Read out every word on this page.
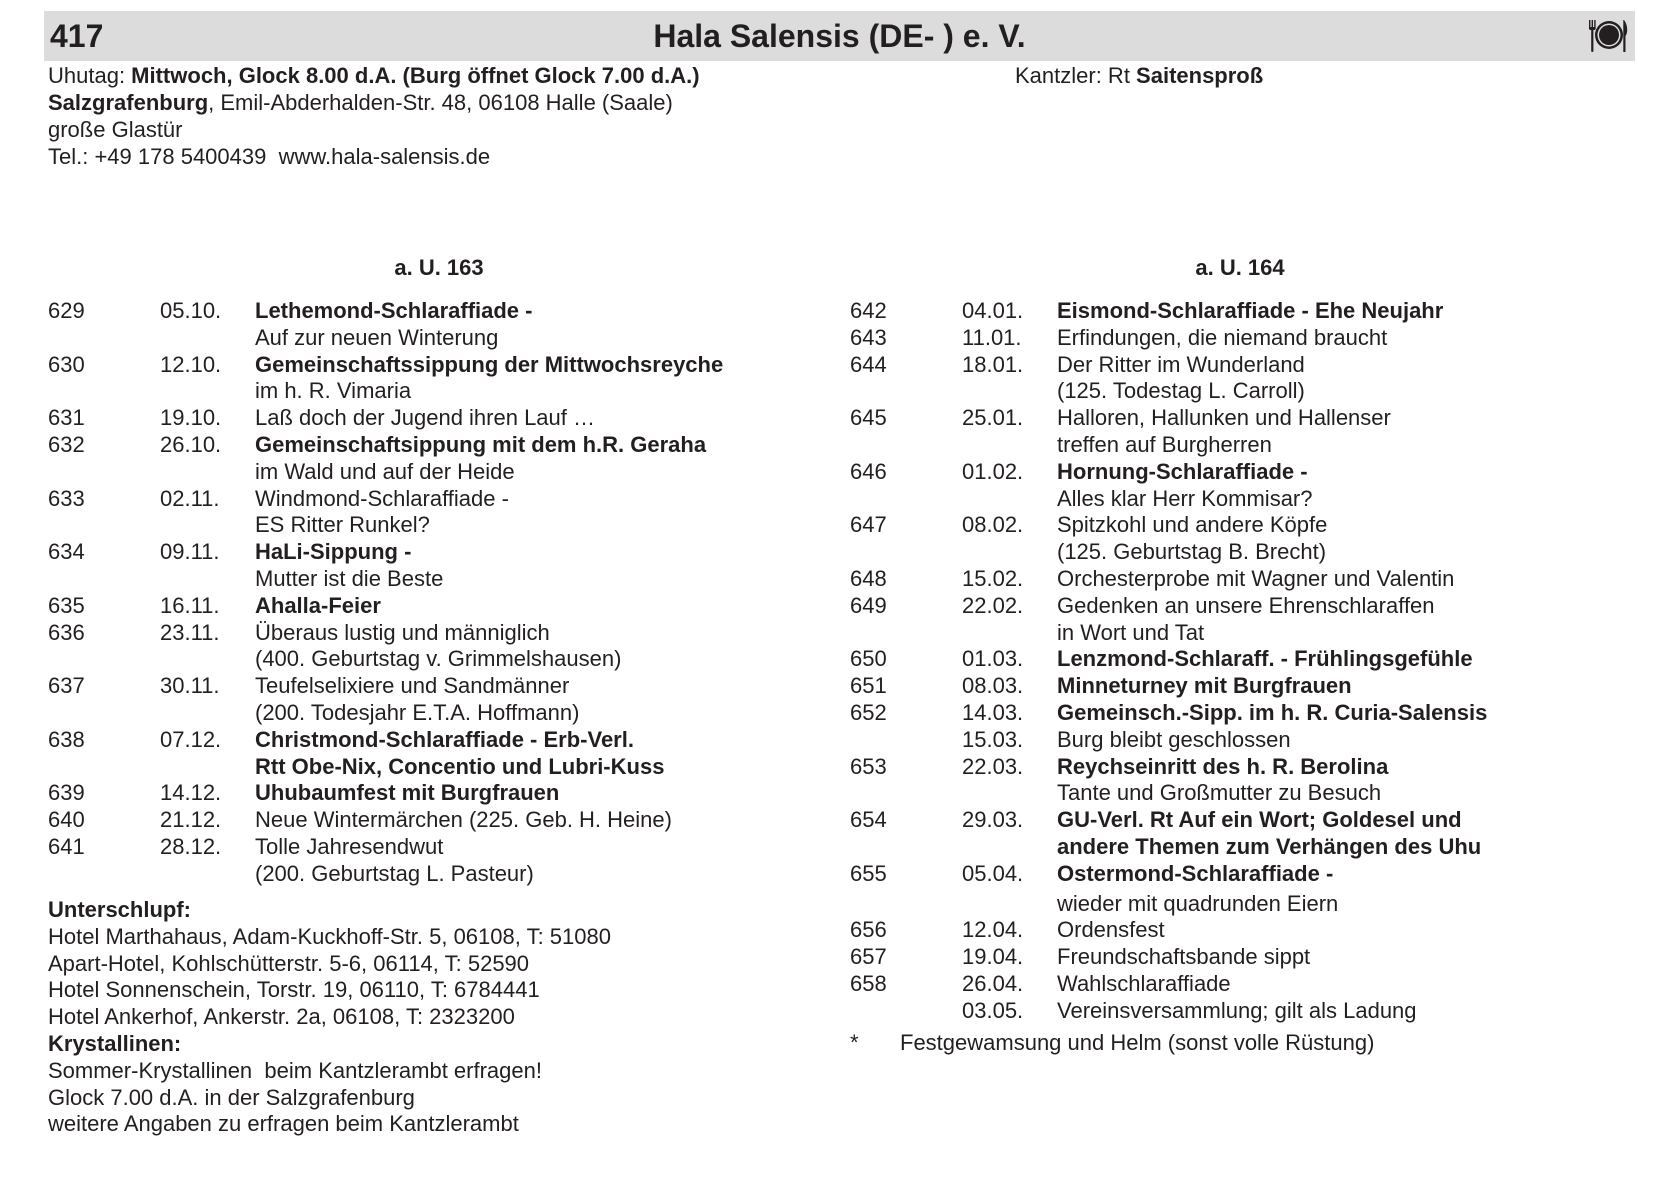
417	Hala Salensis (DE- ) e. V.
Uhutag: Mittwoch, Glock 8.00 d.A. (Burg öffnet Glock 7.00 d.A.)
Salzgrafenburg, Emil-Abderhalden-Str. 48, 06108 Halle (Saale)
große Glastür
Tel.: +49 178 5400439  www.hala-salensis.de
Kantzler: Rt Saitensproß
a. U. 163	a. U. 164
629	05.10.	Lethemond-Schlaraffiade -
Auf zur neuen Winterung
630	12.10.	Gemeinschaftssippung der Mittwochsreyche
im h. R. Vimaria
631	19.10.	Laß doch der Jugend ihren Lauf …
632	26.10.	Gemeinschaftsippung mit dem h.R. Geraha
im Wald und auf der Heide
633	02.11.	Windmond-Schlaraffiade -
ES Ritter Runkel?
634	09.11.	HaLi-Sippung -
Mutter ist die Beste
635	16.11.	Ahalla-Feier
636	23.11.	Überaus lustig und männiglich
(400. Geburtstag v. Grimmelshausen)
637	30.11.	Teufelselixiere und Sandmänner
(200. Todesjahr E.T.A. Hoffmann)
638	07.12.	Christmond-Schlaraffiade - Erb-Verl.
Rtt Obe-Nix, Concentio und Lubri-Kuss
639	14.12.	Uhubaumfest mit Burgfrauen
640	21.12.	Neue Wintermärchen (225. Geb. H. Heine)
641	28.12.	Tolle Jahresendwut
(200. Geburtstag L. Pasteur)
642	04.01.	Eismond-Schlaraffiade - Ehe Neujahr
643	11.01.	Erfindungen, die niemand braucht
644	18.01.	Der Ritter im Wunderland
(125. Todestag L. Carroll)
645	25.01.	Halloren, Hallunken und Hallenser
treffen auf Burgherren
646	01.02.	Hornung-Schlaraffiade -
Alles klar Herr Kommisar?
647	08.02.	Spitzkohl und andere Köpfe
(125. Geburtstag B. Brecht)
648	15.02.	Orchesterprobe mit Wagner und Valentin
649	22.02.	Gedenken an unsere Ehrenschlaraffen
in Wort und Tat
650	01.03.	Lenzmond-Schlaraff. - Frühlingsgefühle
651	08.03.	Minneturney mit Burgfrauen
652	14.03.	Gemeinsch.-Sipp. im h. R. Curia-Salensis
15.03.	Burg bleibt geschlossen
653	22.03.	Reychseinritt des h. R. Berolina
Tante und Großmutter zu Besuch
654	29.03.	GU-Verl. Rt Auf ein Wort; Goldesel und
andere Themen zum Verhängen des Uhu
655	05.04.	Ostermond-Schlaraffiade -
wieder mit quadrunden Eiern
656	12.04.	Ordensfest
657	19.04.	Freundschaftsbande sippt
658	26.04.	Wahlschlaraffiade
03.05.	Vereinsversammlung; gilt als Ladung
Unterschlupf:
Hotel Marthahaus, Adam-Kuckhoff-Str. 5, 06108, T: 51080
Apart-Hotel, Kohlschütterstr. 5-6, 06114, T: 52590
Hotel Sonnenschein, Torstr. 19, 06110, T: 6784441
Hotel Ankerhof, Ankerstr. 2a, 06108, T: 2323200
Krystallinen:
Sommer-Krystallinen  beim Kantzlerambt erfragen!
Glock 7.00 d.A. in der Salzgrafenburg
weitere Angaben zu erfragen beim Kantzlerambt
*	Festgewamsung und Helm (sonst volle Rüstung)
